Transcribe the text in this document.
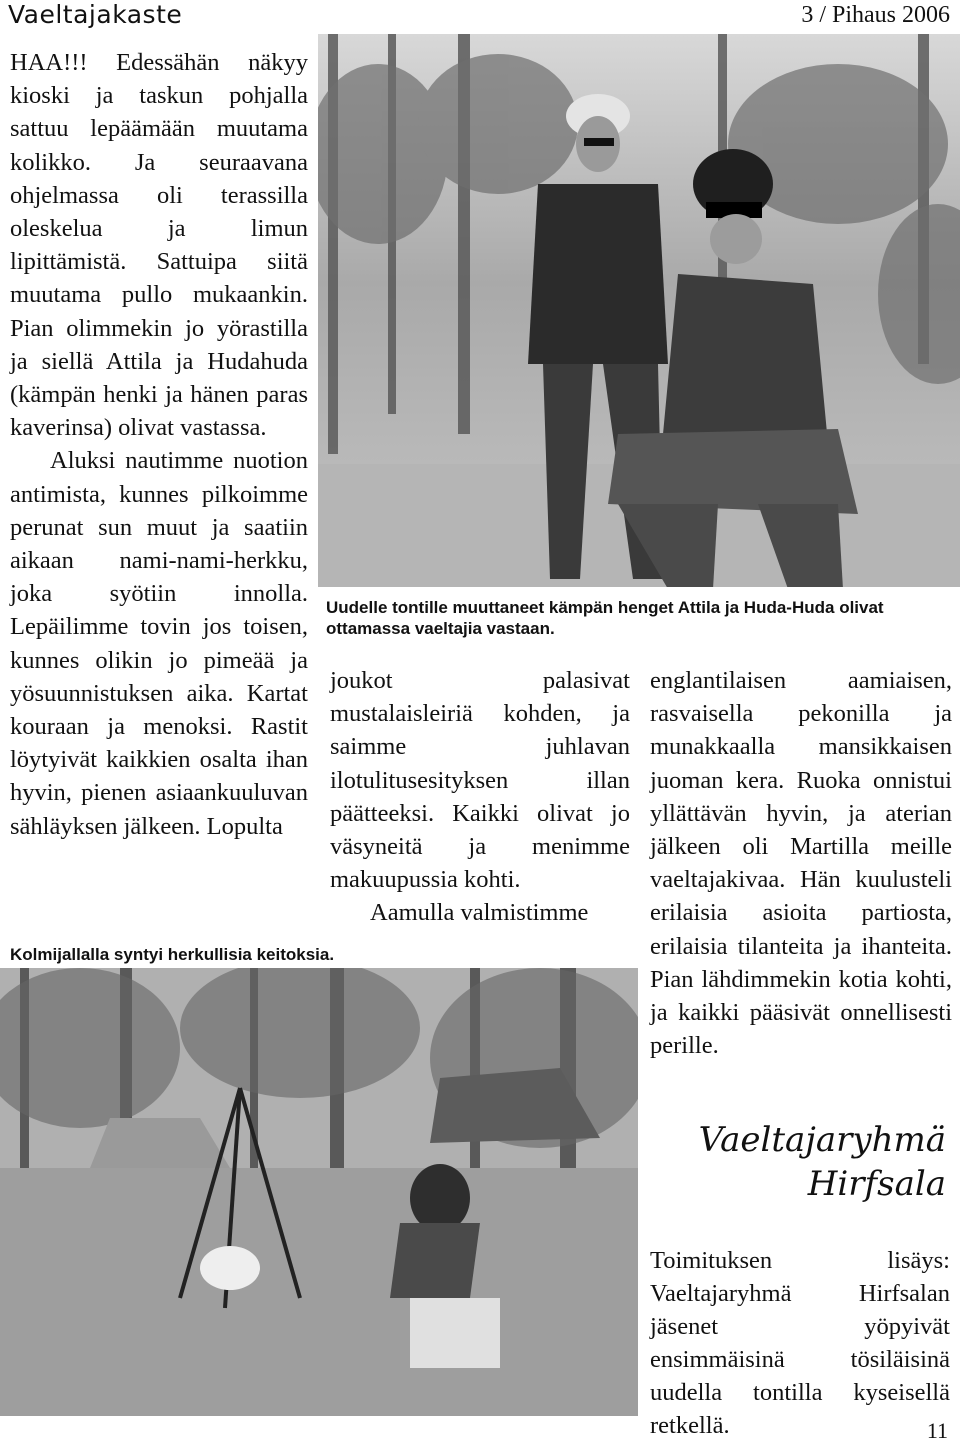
Vaeltajakaste	3 / Pihaus 2006
Uudelle tontille muuttaneet kämpän henget Attila ja Huda-Huda olivat ottamassa vaeltajia vastaan.

HAA!!! Edessähän näkyy kioski ja taskun pohjalla sattuu lepäämään muutama kolikko. Ja seuraavana ohjelmassa oli terassilla oleskelua ja limun lipittämistä. Sattuipa siitä muutama pullo mukaankin. Pian olimmekin jo yörastilla ja siellä Attila ja Hudahuda (kämpän henki ja hänen paras kaverinsa) olivat vastassa.

Aluksi nautimme nuotion antimista, kunnes pilkoimme perunat sun muut ja saatiin aikaan nami-nami-herkku, joka syötiin innolla. Lepäilimme tovin jos toisen, kunnes olikin jo pimeää ja yösuunnistuksen aika. Kartat kouraan ja menoksi. Rastit löytyivät kaikkien osalta ihan hyvin, pienen asiaankuuluvan sähläyksen jälkeen. Lopulta

joukot palasivat mustalaisleiriä kohden, ja saimme juhlavan ilotulitusesityksen illan päätteeksi. Kaikki olivat jo väsyneitä ja menimme makuupussia kohti.

Aamulla valmistimme

englantilaisen aamiaisen, rasvaisella pekonilla ja munakkaalla mansikkaisen juoman kera. Ruoka onnistui yllättävän hyvin, ja aterian jälkeen oli Martilla meille vaeltajakivaa. Hän kuulusteli erilaisia asioita partiosta, erilaisia tilanteita ja ihanteita. Pian lähdimmekin kotia kohti, ja kaikki pääsivät onnellisesti perille.

Kolmijallalla syntyi herkullisia keitoksia.
Vaeltajaryhmä
Hirfsala
Toimituksen lisäys: Vaeltajaryhmä Hirfsalan jäsenet yöpyivät ensimmäisinä tösiläisinä uudella tontilla kyseisellä retkellä.	11
